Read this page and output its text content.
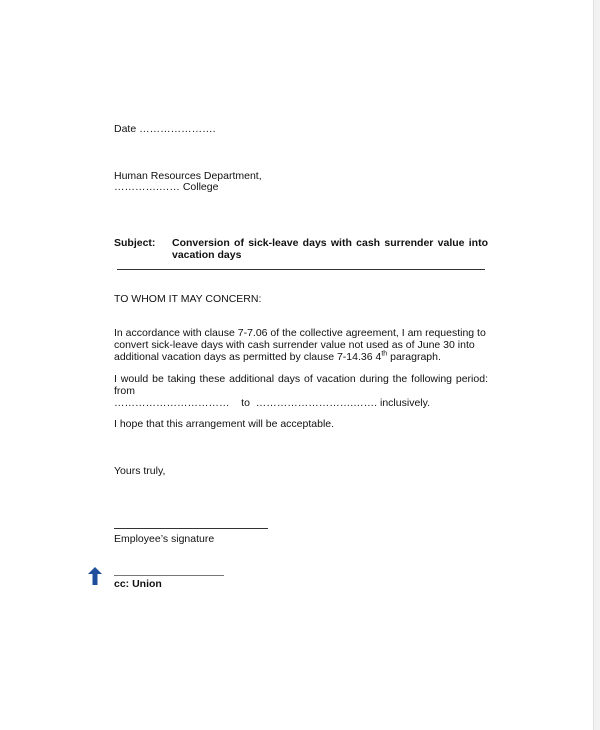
Date ………………….
Human Resources Department,
………….…… College
Subject: Conversion of sick-leave days with cash surrender value into vacation days
TO WHOM IT MAY CONCERN:
In accordance with clause 7-7.06 of the collective agreement, I am requesting to
convert sick-leave days with cash surrender value not used as of June 30 into
additional vacation days as permitted by clause 7-14.36 4th paragraph.
I would be taking these additional days of vacation during the following period: from
……………………………    to  ……………………….……. inclusively.
I hope that this arrangement will be acceptable.
Yours truly,
Employee’s signature
cc: Union
